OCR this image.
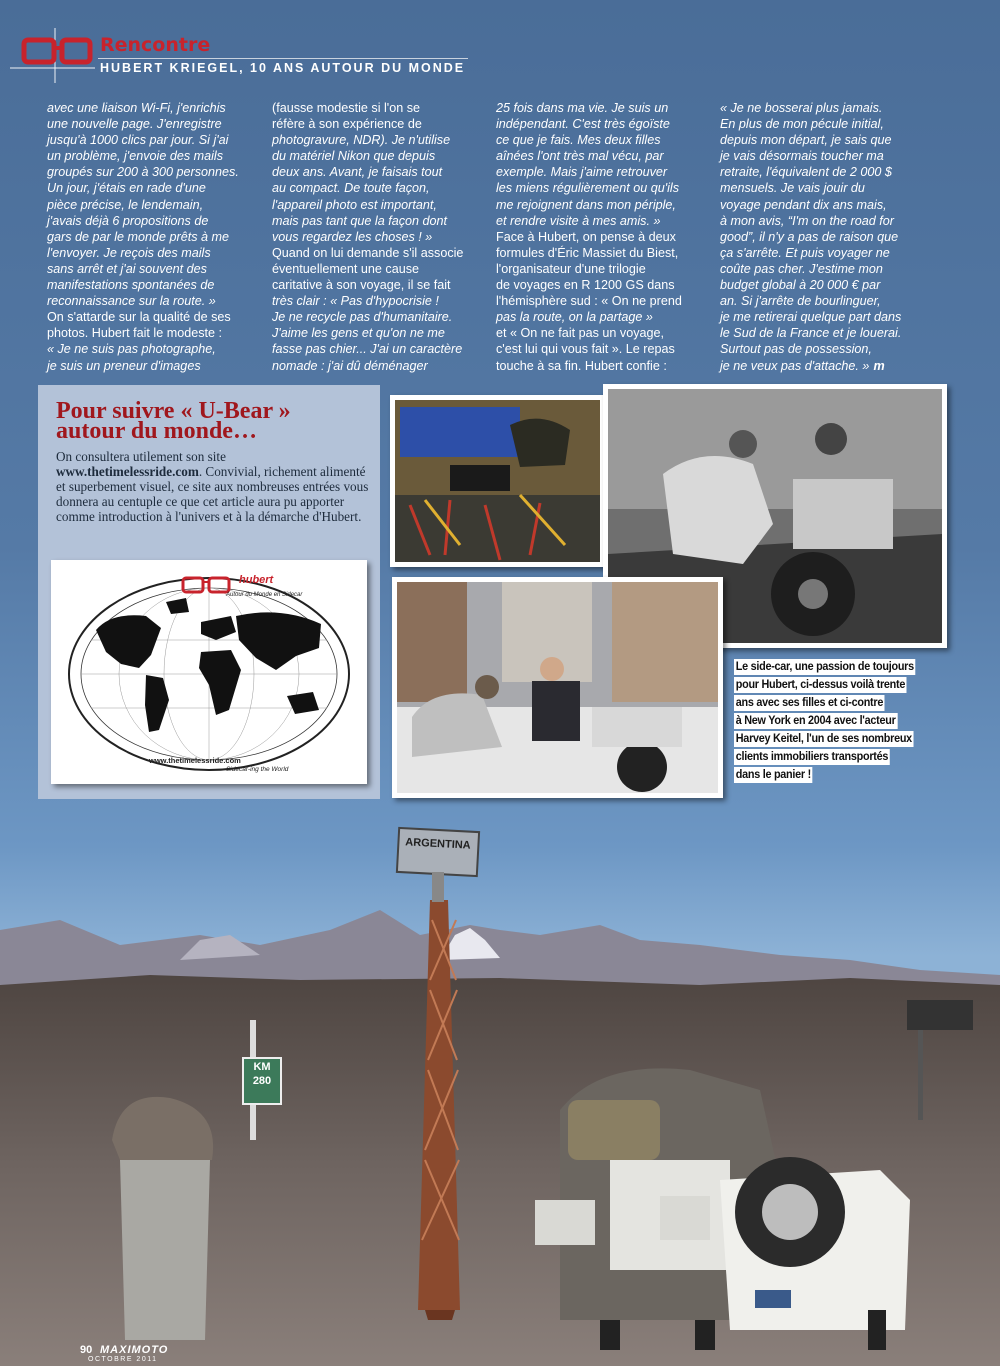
ARGENTINA
KM
280
Rencontre
HUBERT KRIEGEL, 10 ANS AUTOUR DU MONDE

avec une liaison Wi-Fi, j'enrichis

une nouvelle page. J'enregistre

jusqu'à 1000 clics par jour. Si j'ai

un problème, j'envoie des mails

groupés sur 200 à 300 personnes.

Un jour, j'étais en rade d'une

pièce précise, le lendemain,

j'avais déjà 6 propositions de

gars de par le monde prêts à me

l'envoyer. Je reçois des mails

sans arrêt et j'ai souvent des

manifestations spontanées de

reconnaissance sur la route. »

On s'attarde sur la qualité de ses

photos. Hubert fait le modeste :

« Je ne suis pas photographe,

je suis un preneur d'images

(fausse modestie si l'on se

réfère à son expérience de

photogravure, NDR). Je n'utilise

du matériel Nikon que depuis

deux ans. Avant, je faisais tout

au compact. De toute façon,

l'appareil photo est important,

mais pas tant que la façon dont

vous regardez les choses ! »

Quand on lui demande s'il associe

éventuellement une cause

caritative à son voyage, il se fait

très clair : « Pas d'hypocrisie !

Je ne recycle pas d'humanitaire.

J'aime les gens et qu'on ne me

fasse pas chier... J'ai un caractère

nomade : j'ai dû déménager

25 fois dans ma vie. Je suis un

indépendant. C'est très égoïste

ce que je fais. Mes deux filles

aînées l'ont très mal vécu, par

exemple. Mais j'aime retrouver

les miens régulièrement ou qu'ils

me rejoignent dans mon périple,

et rendre visite à mes amis. »

Face à Hubert, on pense à deux

formules d'Éric Massiet du Biest,

l'organisateur d'une trilogie

de voyages en R 1200 GS dans

l'hémisphère sud : « On ne prend

pas la route, on la partage »

et « On ne fait pas un voyage,

c'est lui qui vous fait ». Le repas

touche à sa fin. Hubert confie :

« Je ne bosserai plus jamais.

En plus de mon pécule initial,

depuis mon départ, je sais que

je vais désormais toucher ma

retraite, l'équivalent de 2 000 $

mensuels. Je vais jouir du

voyage pendant dix ans mais,

à mon avis, “I'm on the road for

good”, il n'y a pas de raison que

ça s'arrête. Et puis voyager ne

coûte pas cher. J'estime mon

budget global à 20 000 € par

an. Si j'arrête de bourlinguer,

je me retirerai quelque part dans

le Sud de la France et je louerai.

Surtout pas de possession,

je ne veux pas d'attache. » m

Pour suivre « U-Bear »
autour du monde…
On consultera utilement son site
www.thetimelessride.com. Convivial, richement alimenté et superbement visuel, ce site aux nombreuses entrées vous donnera au centuple ce que cet article aura pu apporter comme introduction à l'univers et à la démarche d'Hubert.
hubert
Autour du Monde en Sidecar
www.thetimelessride.com
Sidecar-ing the World
Le side-car, une passion de toujours
pour Hubert, ci-dessus voilà trente
ans avec ses filles et ci-contre
à New York en 2004 avec l'acteur
Harvey Keitel, l'un de ses nombreux
clients immobiliers transportés
dans le panier !
90 MAXIMOTO
OCTOBRE 2011
